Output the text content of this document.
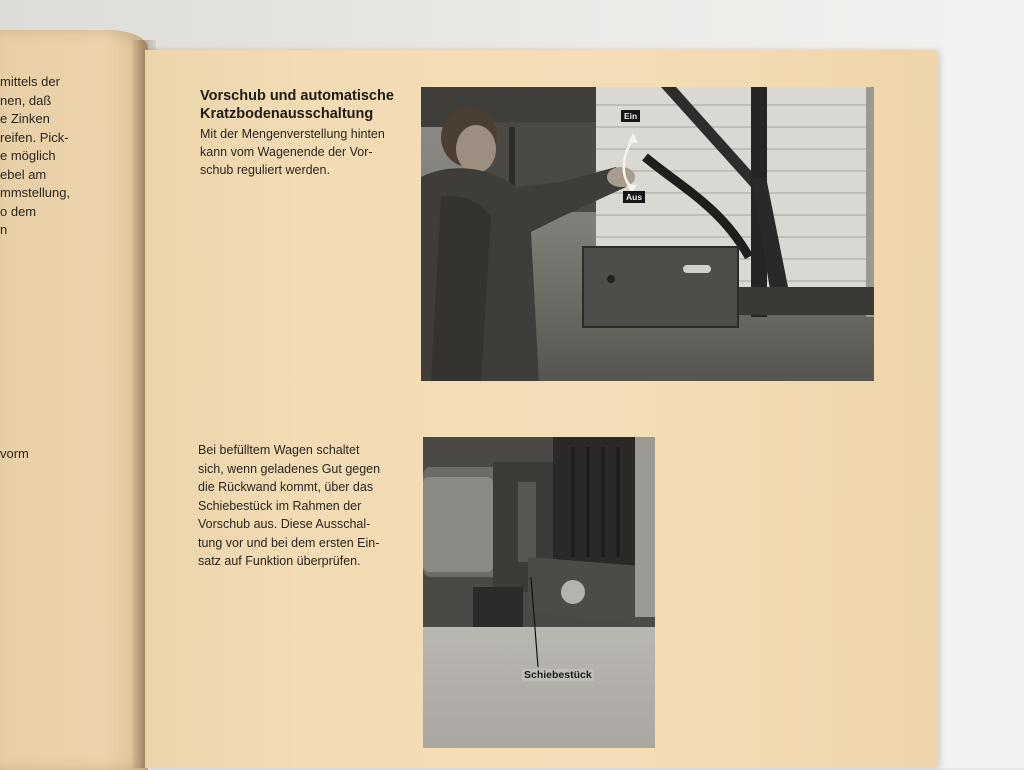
mittels der
nen, daß
e Zinken
reifen. Pick-
e möglich
ebel am
mmstellung,
o dem
n
vorm
Vorschub und automatische
Kratzbodenausschaltung
Mit der Mengenverstellung hinten
kann vom Wagenende der Vor-
schub reguliert werden.
Ein
Aus
Bei befülltem Wagen schaltet
sich, wenn geladenes Gut gegen
die Rückwand kommt, über das
Schiebestück im Rahmen der
Vorschub aus. Diese Ausschal-
tung vor und bei dem ersten Ein-
satz auf Funktion überprüfen.
Schiebestück
